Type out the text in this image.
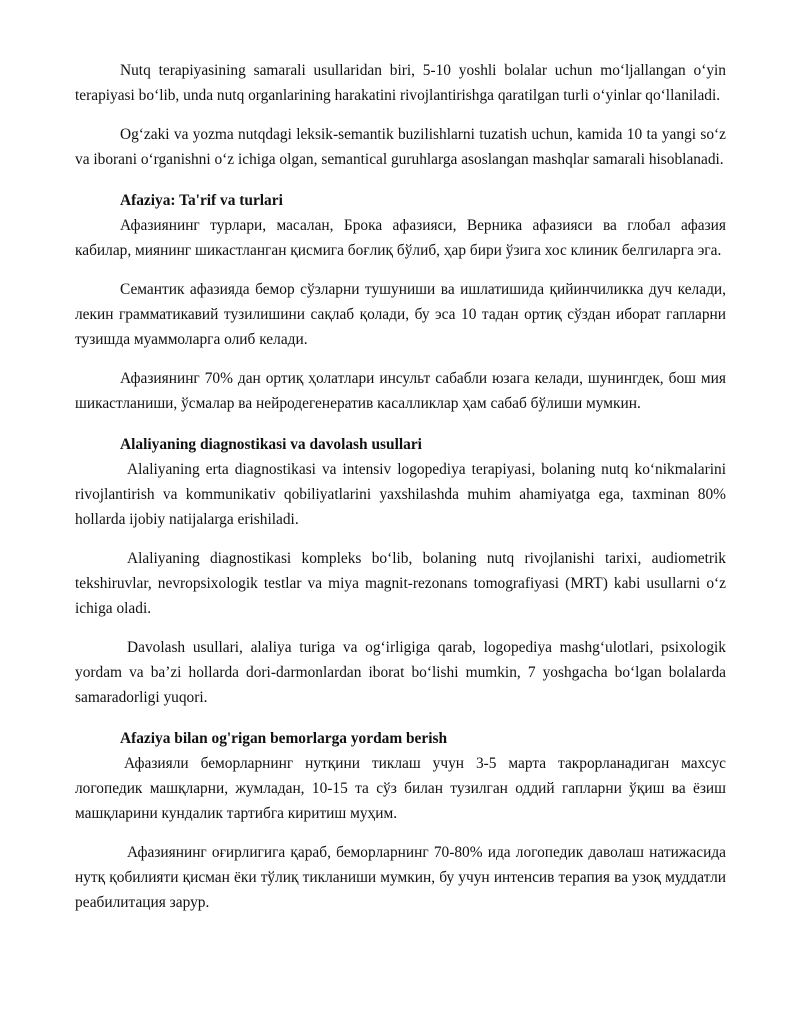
Nutq terapiyasining samarali usullaridan biri, 5-10 yoshli bolalar uchun moʻljallangan oʻyin terapiyasi boʻlib, unda nutq organlarining harakatini rivojlantirishga qaratilgan turli oʻyinlar qoʻllaniladi.

Ogʻzaki va yozma nutqdagi leksik-semantik buzilishlarni tuzatish uchun, kamida 10 ta yangi soʻz va iborani oʻrganishni oʻz ichiga olgan, semantical guruhlarga asoslangan mashqlar samarali hisoblanadi.

Afaziya: Ta'rif va turlari

Афазиянинг турлари, масалан, Брока афазияси, Верника афазияси ва глобал афазия кабилар, миянинг шикастланган қисмига боғлиқ бўлиб, ҳар бири ўзига хос клиник белгиларга эга.

Семантик афазияда бемор сўзларни тушуниши ва ишлатишида қийинчиликка дуч келади, лекин грамматикавий тузилишини сақлаб қолади, бу эса 10 тадан ортиқ сўздан иборат гапларни тузишда муаммоларга олиб келади.

Афазиянинг 70% дан ортиқ ҳолатлари инсульт сабабли юзага келади, шунингдек, бош мия шикастланиши, ўсмалар ва нейродегенератив касалликлар ҳам сабаб бўлиши мумкин.

Alaliyaning diagnostikasi va davolash usullari

Alaliyaning erta diagnostikasi va intensiv logopediya terapiyasi, bolaning nutq koʻnikmalarini rivojlantirish va kommunikativ qobiliyatlarini yaxshilashda muhim ahamiyatga ega, taxminan 80% hollarda ijobiy natijalarga erishiladi.

Alaliyaning diagnostikasi kompleks boʻlib, bolaning nutq rivojlanishi tarixi, audiometrik tekshiruvlar, nevropsixologik testlar va miya magnit-rezonans tomografiyasi (MRT) kabi usullarni oʻz ichiga oladi.

Davolash usullari, alaliya turiga va ogʻirligiga qarab, logopediya mashgʻulotlari, psixologik yordam va baʼzi hollarda dori-darmonlardan iborat boʻlishi mumkin, 7 yoshgacha boʻlgan bolalarda samaradorligi yuqori.

Afaziya bilan og'rigan bemorlarga yordam berish

Афазияли беморларнинг нутқини тиклаш учун 3-5 марта такрорланадиган махсус логопедик машқларни, жумладан, 10-15 та сўз билан тузилган оддий гапларни ўқиш ва ёзиш машқларини кундалик тартибга киритиш муҳим.

Афазиянинг оғирлигига қараб, беморларнинг 70-80% ида логопедик даволаш натижасида нутқ қобилияти қисман ёки тўлиқ тикланиши мумкин, бу учун интенсив терапия ва узоқ муддатли реабилитация зарур.
